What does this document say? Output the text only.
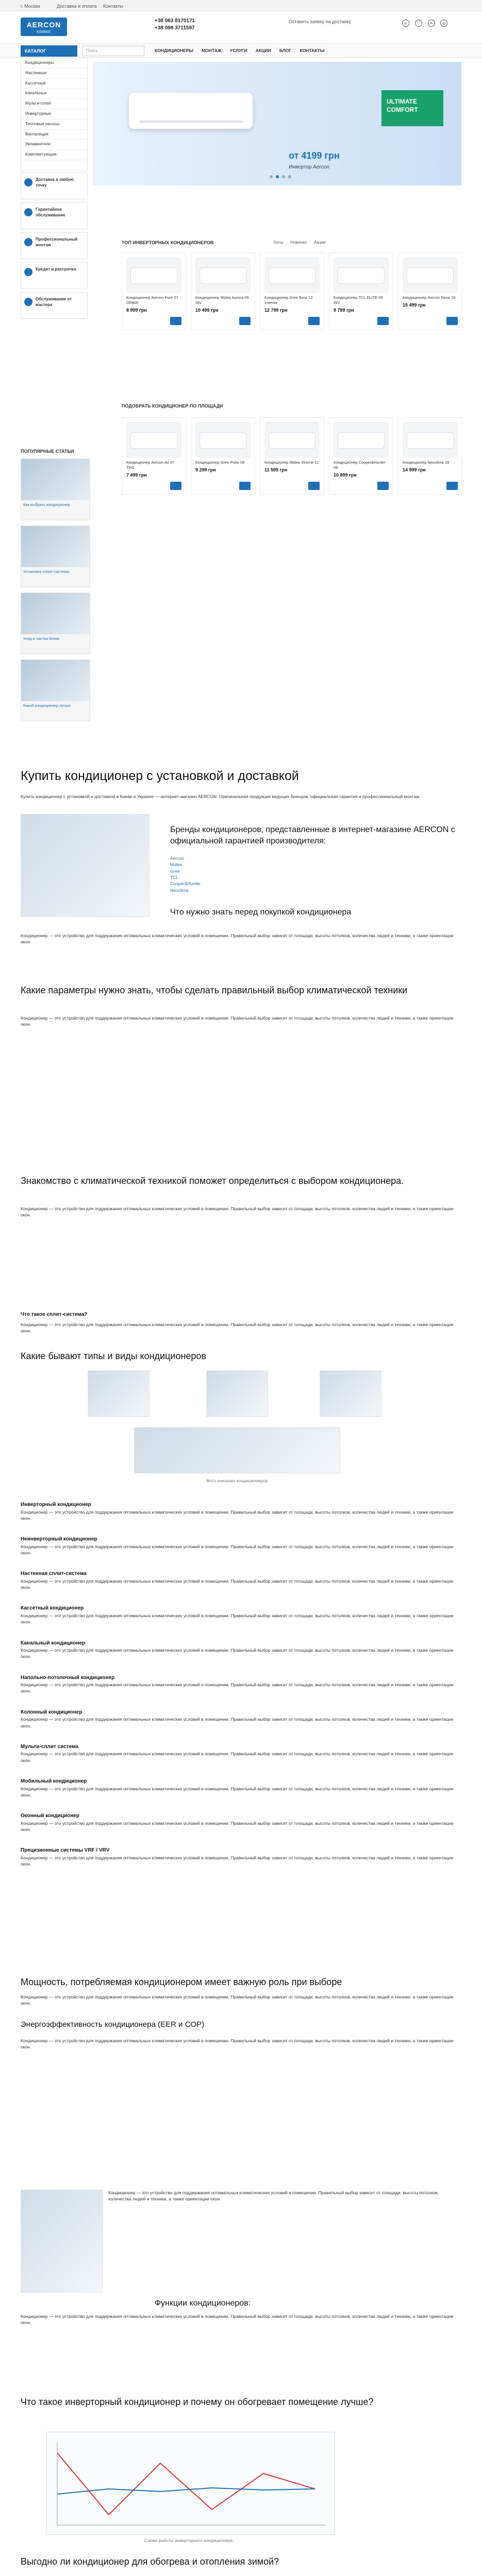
г. Москва	Доставка и оплата Контакты
AERCON
КЛИМАТ
+38 063 8170171
+38 098 3711597
Оставить заявку на доставку	☺ ♡ ≡ ⊔
КАТАЛОГ	Поиск...	КОНДИЦИОНЕРЫ МОНТАЖ УСЛУГИ АКЦИИ БЛОГ КОНТАКТЫ
Кондиционеры
Настенные
Кассетные
Канальные
Мульти-сплит
Инверторные
Тепловые насосы
Вентиляция
Увлажнители
Комплектующие
ULTIMATE COMFORT
от 4199 грн
Инвертор Aercon
Доставка в любую точку
Гарантийное обслуживание
Профессиональный монтаж
Кредит и рассрочка
Обслуживание от мастера
ПОПУЛЯРНЫЕ СТАТЬИ
Как выбрать кондиционер
Установка сплит-системы
Уход и чистка блока
Какой кондиционер лучше
ТОП ИНВЕРТОРНЫХ КОНДИЦИОНЕРОВ	Хиты Новинки Акции
Кондиционер Aercon Pure 07 DR800
8 999 грн
Кондиционер Midea Aurora 09 INV
10 499 грн
Кондиционер Gree Bora 12 Inverter
12 799 грн
Кондиционер TCL ELITE 09 INV
9 799 грн
Кондиционер Aercon Nova 18
15 499 грн
ПОДОБРАТЬ КОНДИЦИОНЕР ПО ПЛОЩАДИ
Кондиционер Aercon Air 07 TRG
7 499 грн
Кондиционер Gree Pular 09
9 299 грн
Кондиционер Midea Xtreme 12
11 599 грн
Кондиционер Cooper&Hunter 09
10 899 грн
Кондиционер Neoclima 18
14 999 грн
Купить кондиционер с установкой и доставкой
Купить кондиционер с установкой и доставкой в Киеве и Украине — интернет-магазин AERCON. Оригинальная продукция ведущих брендов, официальная гарантия и профессиональный монтаж.
Бренды кондиционеров, представленные в интернет-магазине AERCON с официальной гарантией производителя:
Aercon
Midea
Gree
TCL
Cooper&Hunter
Neoclima
Что нужно знать перед покупкой кондиционера
Кондиционер — это устройство для поддержания оптимальных климатических условий в помещении. Правильный выбор зависит от площади, высоты потолков, количества людей и техники, а также ориентации окон.
Какие параметры нужно знать, чтобы сделать правильный выбор климатической техники
Кондиционер — это устройство для поддержания оптимальных климатических условий в помещении. Правильный выбор зависит от площади, высоты потолков, количества людей и техники, а также ориентации окон.
Знакомство с климатической техникой поможет определиться с выбором кондиционера.
Кондиционер — это устройство для поддержания оптимальных климатических условий в помещении. Правильный выбор зависит от площади, высоты потолков, количества людей и техники, а также ориентации окон.
Что такое сплит-система?
Кондиционер — это устройство для поддержания оптимальных климатических условий в помещении. Правильный выбор зависит от площади, высоты потолков, количества людей и техники, а также ориентации окон.
Какие бывают типы и виды кондиционеров
Фото внешних кондиционеров
Инверторный кондиционер
Кондиционер — это устройство для поддержания оптимальных климатических условий в помещении. Правильный выбор зависит от площади, высоты потолков, количества людей и техники, а также ориентации окон.
Неинверторный кондиционер
Кондиционер — это устройство для поддержания оптимальных климатических условий в помещении. Правильный выбор зависит от площади, высоты потолков, количества людей и техники, а также ориентации окон.
Настенная сплит-система
Кондиционер — это устройство для поддержания оптимальных климатических условий в помещении. Правильный выбор зависит от площади, высоты потолков, количества людей и техники, а также ориентации окон.
Кассетный кондиционер
Кондиционер — это устройство для поддержания оптимальных климатических условий в помещении. Правильный выбор зависит от площади, высоты потолков, количества людей и техники, а также ориентации окон.
Канальный кондиционер
Кондиционер — это устройство для поддержания оптимальных климатических условий в помещении. Правильный выбор зависит от площади, высоты потолков, количества людей и техники, а также ориентации окон.
Напольно-потолочный кондиционер
Кондиционер — это устройство для поддержания оптимальных климатических условий в помещении. Правильный выбор зависит от площади, высоты потолков, количества людей и техники, а также ориентации окон.
Колонный кондиционер
Кондиционер — это устройство для поддержания оптимальных климатических условий в помещении. Правильный выбор зависит от площади, высоты потолков, количества людей и техники, а также ориентации окон.
Мульти-сплит система
Кондиционер — это устройство для поддержания оптимальных климатических условий в помещении. Правильный выбор зависит от площади, высоты потолков, количества людей и техники, а также ориентации окон.
Мобильный кондиционер
Кондиционер — это устройство для поддержания оптимальных климатических условий в помещении. Правильный выбор зависит от площади, высоты потолков, количества людей и техники, а также ориентации окон.
Оконный кондиционер
Кондиционер — это устройство для поддержания оптимальных климатических условий в помещении. Правильный выбор зависит от площади, высоты потолков, количества людей и техники, а также ориентации окон.
Прецизионные системы VRF / VRV
Кондиционер — это устройство для поддержания оптимальных климатических условий в помещении. Правильный выбор зависит от площади, высоты потолков, количества людей и техники, а также ориентации окон.
Мощность, потребляемая кондиционером имеет важную роль при выборе
Кондиционер — это устройство для поддержания оптимальных климатических условий в помещении. Правильный выбор зависит от площади, высоты потолков, количества людей и техники, а также ориентации окон.
Энергоэффективность кондиционера (EER и COP)
Кондиционер — это устройство для поддержания оптимальных климатических условий в помещении. Правильный выбор зависит от площади, высоты потолков, количества людей и техники, а также ориентации окон.
Кондиционер — это устройство для поддержания оптимальных климатических условий в помещении. Правильный выбор зависит от площади, высоты потолков, количества людей и техники, а также ориентации окон.
Функции кондиционеров:
Кондиционер — это устройство для поддержания оптимальных климатических условий в помещении. Правильный выбор зависит от площади, высоты потолков, количества людей и техники, а также ориентации окон.
Что такое инверторный кондиционер и почему он обогревает помещение лучше?
Схема работы инверторного кондиционера
Выгодно ли кондиционер для обогрева и отопления зимой?
